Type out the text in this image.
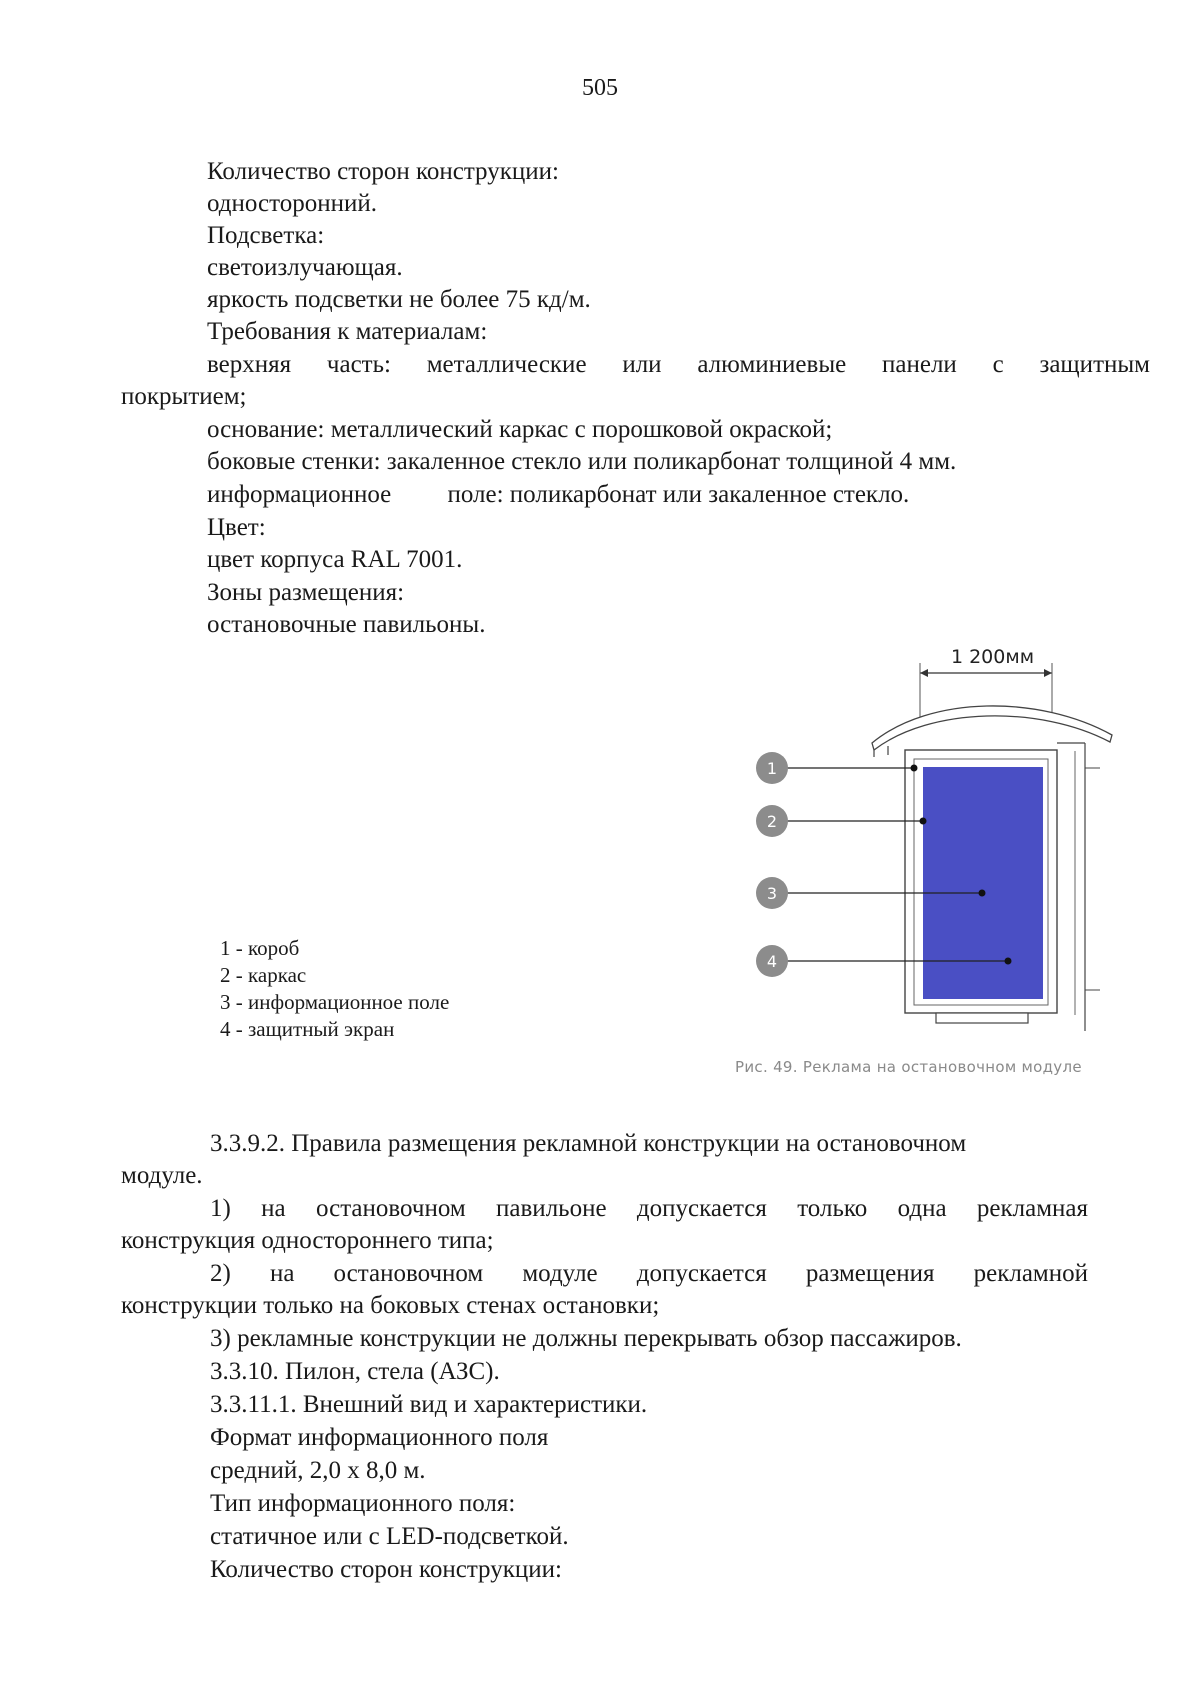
505
Количество сторон конструкции:
односторонний.
Подсветка:
светоизлучающая.
яркость подсветки не более 75 кд/м.
Требования к материалам:
верхняя часть: металлические или алюминиевые панели с защитным
покрытием;
основание: металлический каркас с порошковой окраской;
боковые стенки: закаленное стекло или поликарбонат толщиной 4 мм.
информационное         поле: поликарбонат или закаленное стекло.
Цвет:
цвет корпуса RAL 7001.
Зоны размещения:
остановочные павильоны.
1 200мм
1
2
3
4
1 - короб
2 - каркас
3 - информационное поле
4 - защитный экран
Рис. 49. Реклама на остановочном модуле
3.3.9.2. Правила размещения рекламной конструкции на остановочном
модуле.
1) на остановочном павильоне допускается только одна рекламная
конструкция одностороннего типа;
2) на остановочном модуле допускается размещения рекламной
конструкции только на боковых стенах остановки;
3) рекламные конструкции не должны перекрывать обзор пассажиров.
3.3.10. Пилон, стела (АЗС).
3.3.11.1. Внешний вид и характеристики.
Формат информационного поля
средний, 2,0 х 8,0 м.
Тип информационного поля:
статичное или с LED-подсветкой.
Количество сторон конструкции:
